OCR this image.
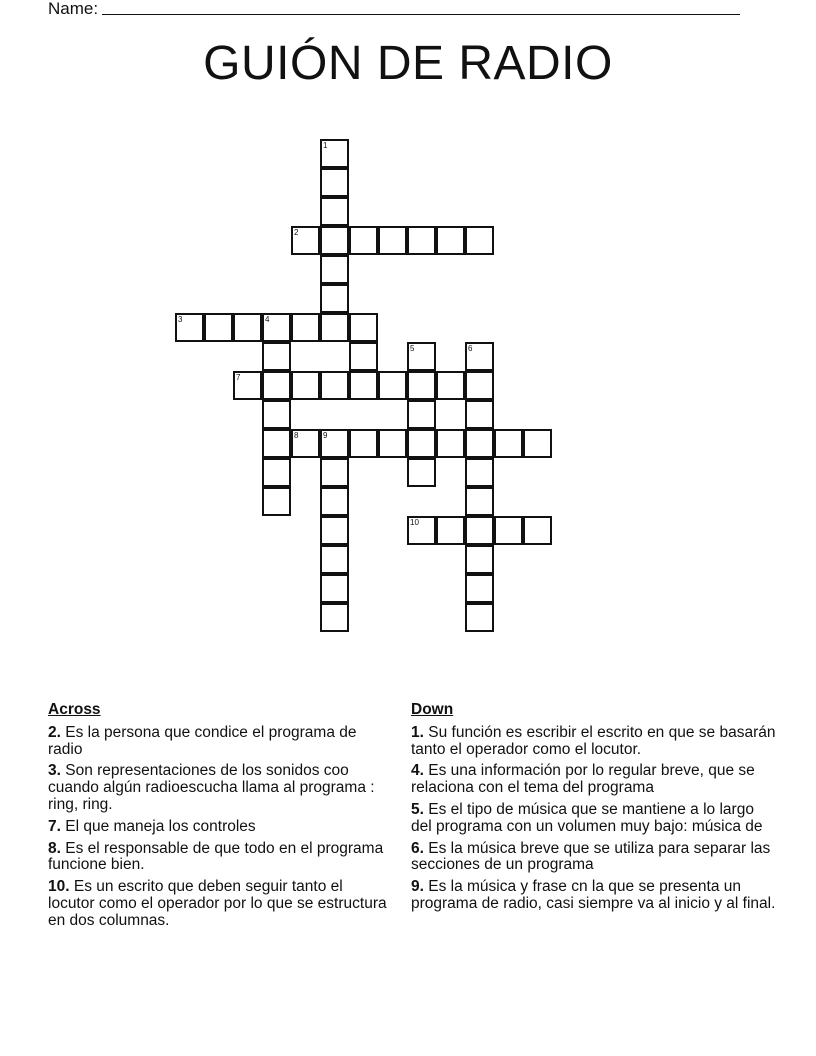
Name:
GUIÓN DE RADIO
1
2
3	4
5	6
7
8	9
10
Across
2. Es la persona que condice el programa de radio
3. Son representaciones de los sonidos coo cuando algún radioescucha llama al programa : ring, ring.
7. El que maneja los controles
8. Es el responsable de que todo en el programa funcione bien.
10. Es un escrito que deben seguir tanto el locutor como el operador por lo que se estructura en dos columnas.
Down
1. Su función es escribir el escrito en que se basarán tanto el operador como el locutor.
4. Es una información por lo regular breve, que se relaciona con el tema del programa
5. Es el tipo de música que se mantiene a lo largo del programa con un volumen muy bajo: música de
6. Es la música breve que se utiliza para separar las secciones de un programa
9. Es la música y frase cn la que se presenta un programa de radio, casi siempre va al inicio y al final.
